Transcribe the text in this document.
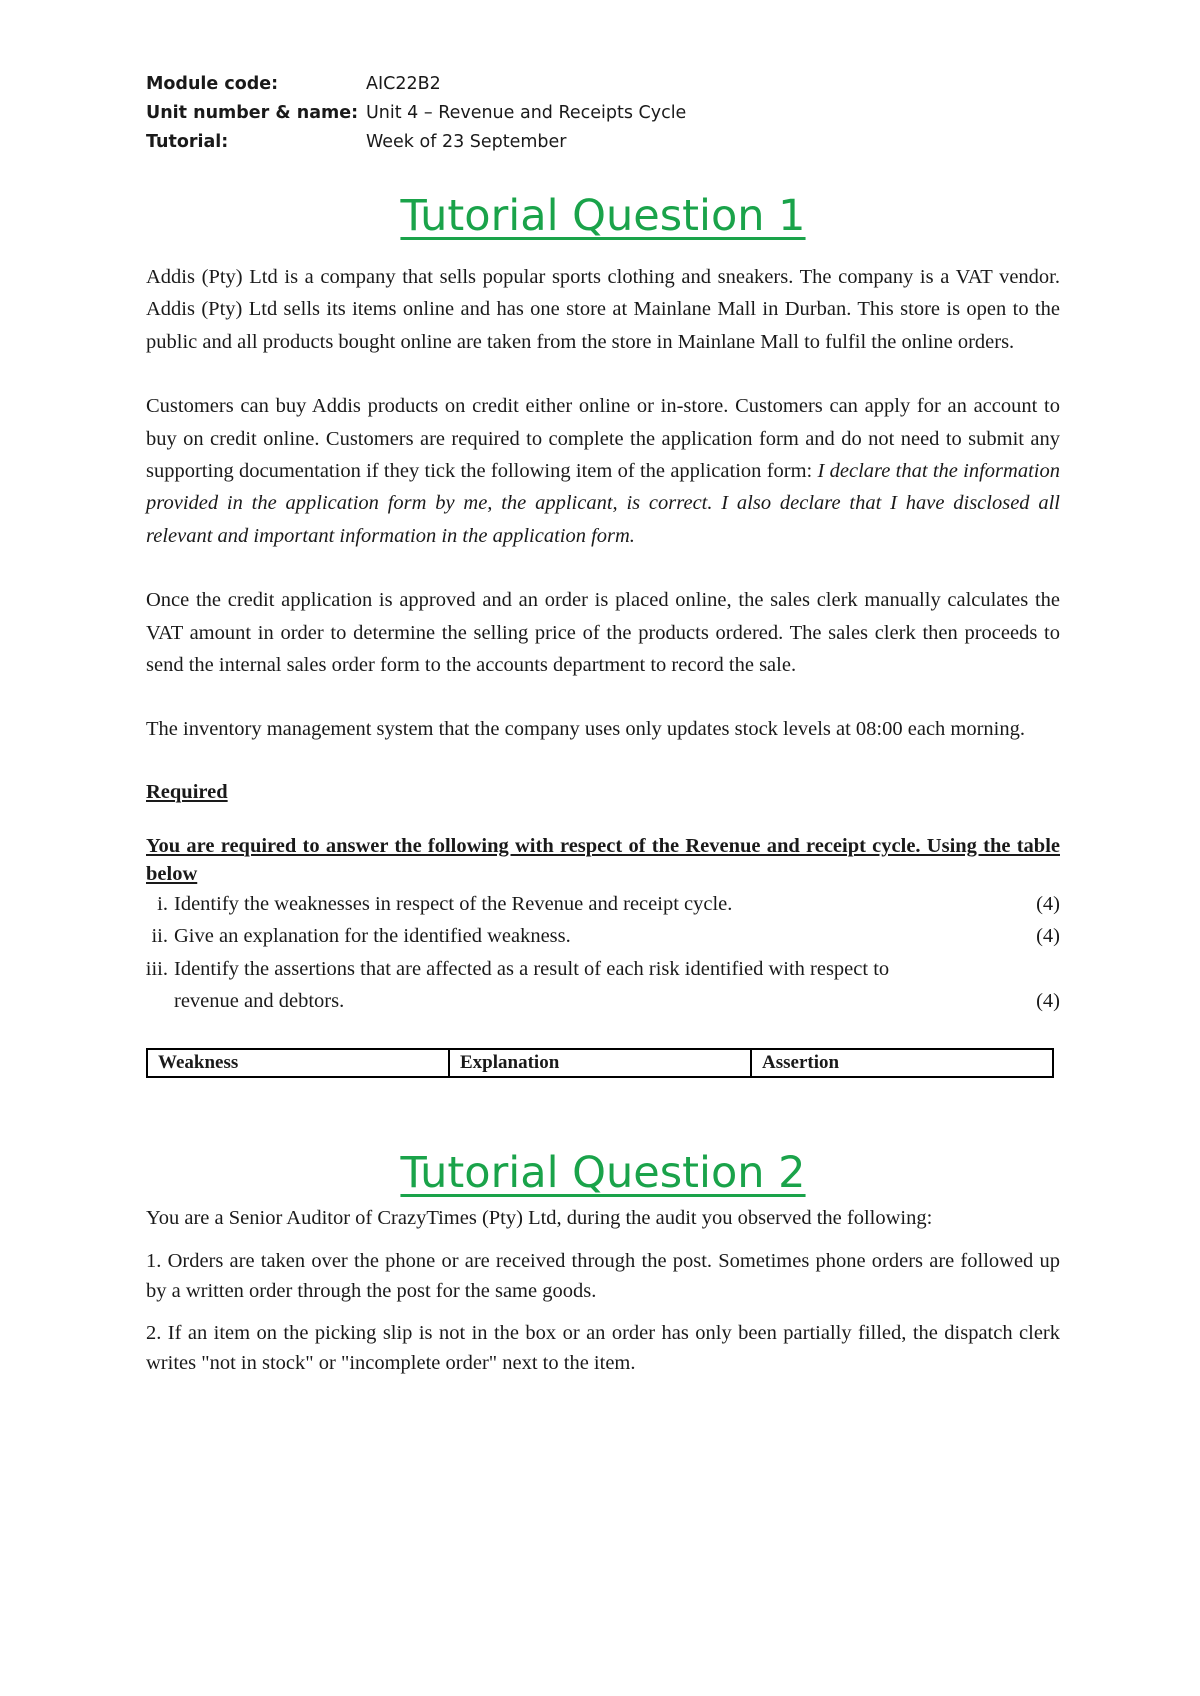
Module code:	AIC22B2
Unit number & name: Unit 4 – Revenue and Receipts Cycle
Tutorial:	Week of 23 September
Tutorial Question 1

Addis (Pty) Ltd is a company that sells popular sports clothing and sneakers. The company is a VAT vendor. Addis (Pty) Ltd sells its items online and has one store at Mainlane Mall in Durban. This store is open to the public and all products bought online are taken from the store in Mainlane Mall to fulfil the online orders.

Customers can buy Addis products on credit either online or in-store. Customers can apply for an account to buy on credit online. Customers are required to complete the application form and do not need to submit any supporting documentation if they tick the following item of the application form: I declare that the information provided in the application form by me, the applicant, is correct. I also declare that I have disclosed all relevant and important information in the application form.

Once the credit application is approved and an order is placed online, the sales clerk manually calculates the VAT amount in order to determine the selling price of the products ordered. The sales clerk then proceeds to send the internal sales order form to the accounts department to record the sale.

The inventory management system that the company uses only updates stock levels at 08:00 each morning.

Required
You are required to answer the following with respect of the Revenue and receipt cycle. Using the table below
i. Identify the weaknesses in respect of the Revenue and receipt cycle.	(4)
ii. Give an explanation for the identified weakness.	(4)
iii. Identify the assertions that are affected as a result of each risk identified with respect to
revenue and debtors.	(4)
Weakness	Explanation	Assertion
Tutorial Question 2

You are a Senior Auditor of CrazyTimes (Pty) Ltd, during the audit you observed the following:

1. Orders are taken over the phone or are received through the post. Sometimes phone orders are followed up by a written order through the post for the same goods.

2. If an item on the picking slip is not in the box or an order has only been partially filled, the dispatch clerk writes "not in stock" or "incomplete order" next to the item.
